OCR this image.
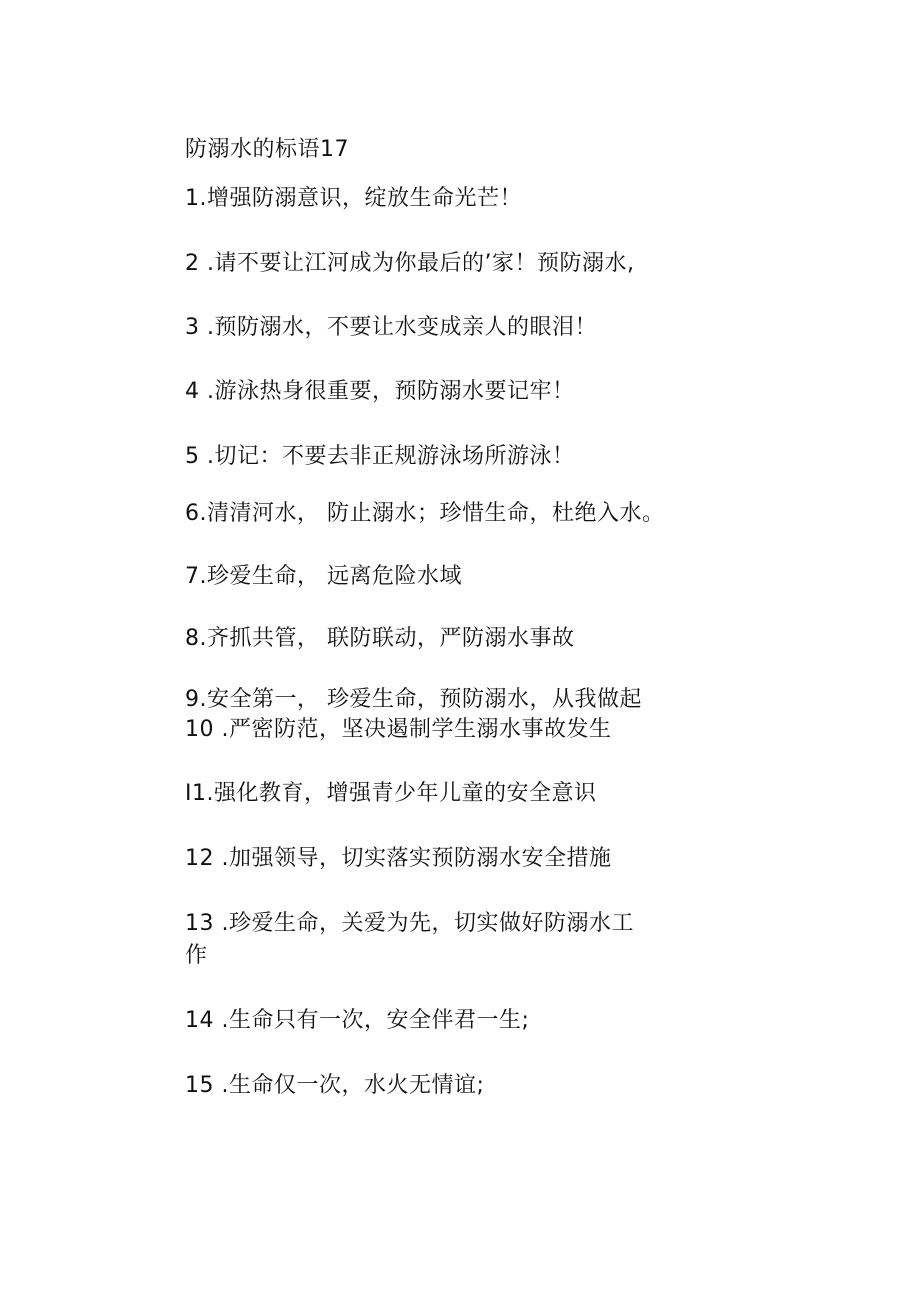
防溺水的标语17
1.增强防溺意识，绽放生命光芒！
2 .请不要让江河成为你最后的’家！预防溺水,
3 .预防溺水，不要让水变成亲人的眼泪！
4 .游泳热身很重要，预防溺水要记牢！
5 .切记：不要去非正规游泳场所游泳！
6.清清河水， 防止溺水；珍惜生命，杜绝入水。
7.珍爱生命， 远离危险水域
8.齐抓共管， 联防联动，严防溺水事故
9.安全第一， 珍爱生命，预防溺水，从我做起
10 .严密防范，坚决遏制学生溺水事故发生
I1.强化教育，增强青少年儿童的安全意识
12 .加强领导，切实落实预防溺水安全措施
13 .珍爱生命，关爱为先，切实做好防溺水工
作
14 .生命只有一次，安全伴君一生;
15 .生命仅一次，水火无情谊;
